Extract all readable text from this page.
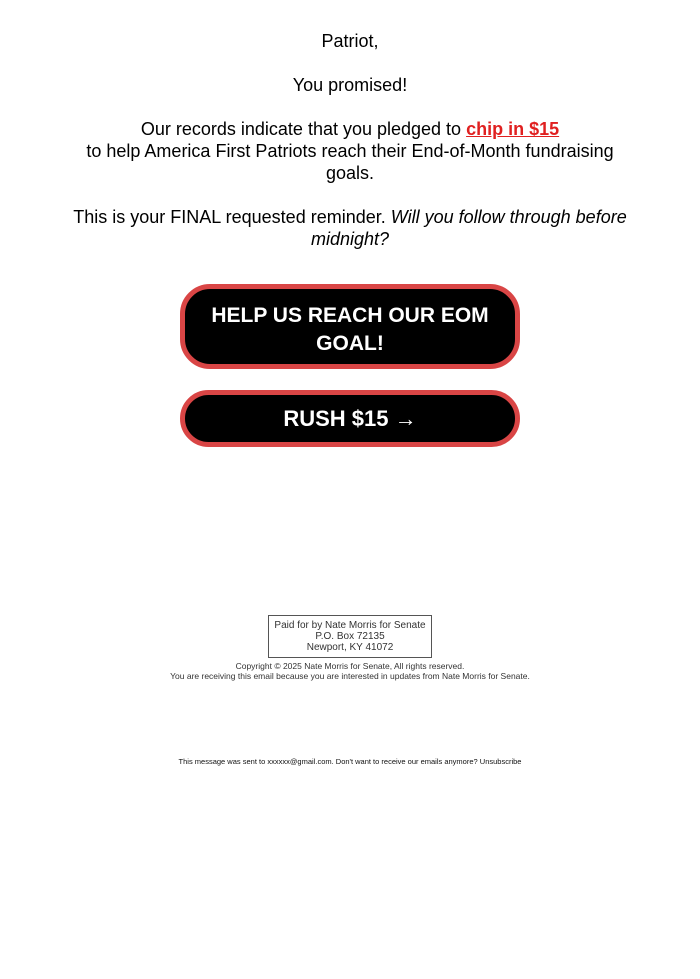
Patriot,

You promised!

Our records indicate that you pledged to chip in $15
to help America First Patriots reach their End-of-Month fundraising goals.

This is your FINAL requested reminder. Will you follow through before midnight?

HELP US REACH OUR EOM GOAL!
RUSH $15 →
Paid for by Nate Morris for Senate
P.O. Box 72135
Newport, KY 41072
Copyright © 2025 Nate Morris for Senate, All rights reserved.
You are receiving this email because you are interested in updates from Nate Morris for Senate.
This message was sent to xxxxxx@gmail.com. Don't want to receive our emails anymore? Unsubscribe
